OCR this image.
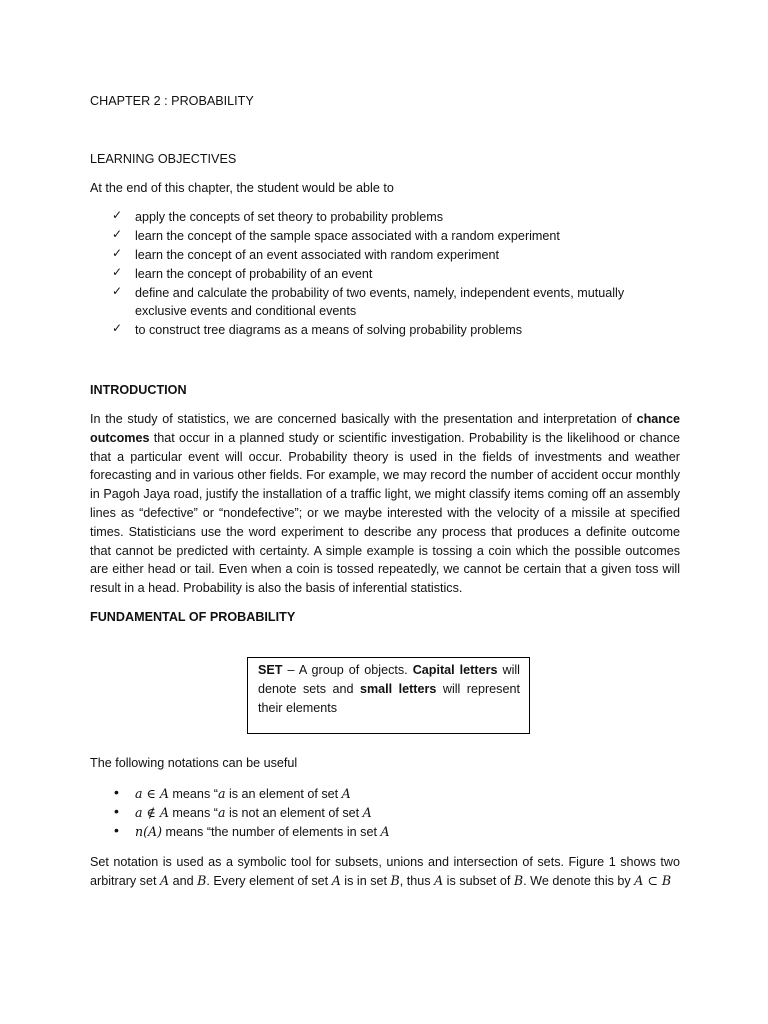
CHAPTER 2 : PROBABILITY
LEARNING OBJECTIVES
At the end of this chapter, the student would be able to
✓ apply the concepts of set theory to probability problems
✓ learn the concept of the sample space associated with a random experiment
✓ learn the concept of an event associated with random experiment
✓ learn the concept of probability of an event
✓ define and calculate the probability of two events, namely, independent events, mutually
exclusive events and conditional events
✓ to construct tree diagrams as a means of solving probability problems
INTRODUCTION
In the study of statistics, we are concerned basically with the presentation and interpretation of chance
outcomes that occur in a planned study or scientific investigation. Probability is the likelihood or chance
that a particular event will occur. Probability theory is used in the fields of investments and weather
forecasting and in various other fields. For example, we may record the number of accident occur monthly
in Pagoh Jaya road, justify the installation of a traffic light, we might classify items coming off an assembly
lines as “defective” or “nondefective”; or we maybe interested with the velocity of a missile at specified
times. Statisticians use the word experiment to describe any process that produces a definite outcome
that cannot be predicted with certainty. A simple example is tossing a coin which the possible outcomes
are either head or tail. Even when a coin is tossed repeatedly, we cannot be certain that a given toss will
result in a head. Probability is also the basis of inferential statistics.
FUNDAMENTAL OF PROBABILITY
SET – A group of objects. Capital letters will
denote sets and small letters will represent
their elements
The following notations can be useful
• a ∈ A means “a is an element of set A
• a ∉ A means “a is not an element of set A
• n(A) means “the number of elements in set A
Set notation is used as a symbolic tool for subsets, unions and intersection of sets. Figure 1 shows two
arbitrary set A and B. Every element of set A is in set B, thus A is subset of B. We denote this by A ⊂ B
